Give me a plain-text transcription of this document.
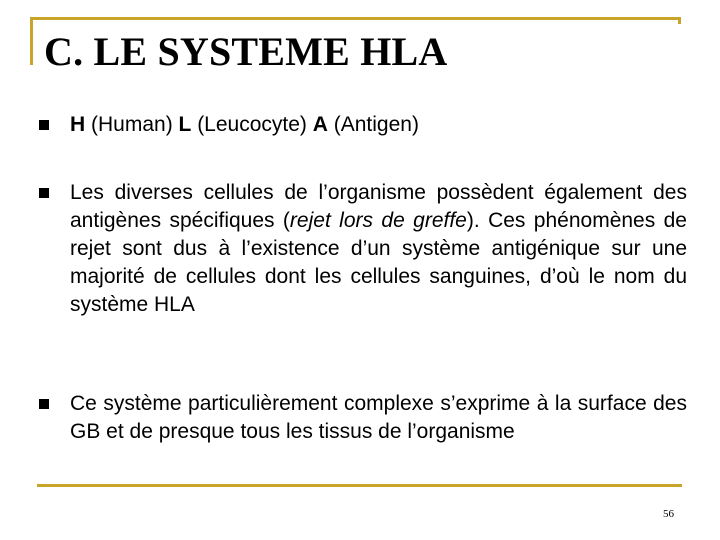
C. LE SYSTEME HLA

H (Human) L (Leucocyte) A (Antigen)

Les diverses cellules de l’organisme possèdent également des antigènes spécifiques (rejet lors de greffe). Ces phénomènes de rejet sont dus à l’existence d’un système antigénique sur une majorité de cellules dont les cellules sanguines, d’où le nom du système HLA

Ce système particulièrement complexe s’exprime à la surface des GB et de presque tous les tissus de l’organisme

56
